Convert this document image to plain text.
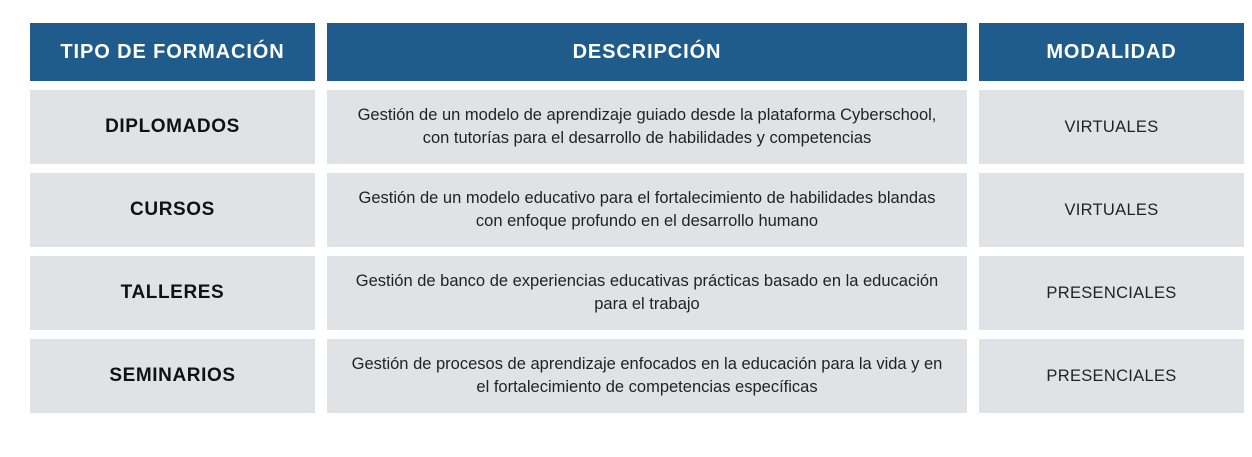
TIPO DE FORMACIÓN	DESCRIPCIÓN	MODALIDAD

DIPLOMADOS	Gestión de un modelo de aprendizaje guiado desde la plataforma Cyberschool, con tutorías para el desarrollo de habilidades y competencias	VIRTUALES

CURSOS	Gestión de un modelo educativo para el fortalecimiento de habilidades blandas con enfoque profundo en el desarrollo humano	VIRTUALES

TALLERES	Gestión de banco de experiencias educativas prácticas basado en la educación para el trabajo	PRESENCIALES

SEMINARIOS	Gestión de procesos de aprendizaje enfocados en la educación para la vida y en el fortalecimiento de competencias específicas	PRESENCIALES
